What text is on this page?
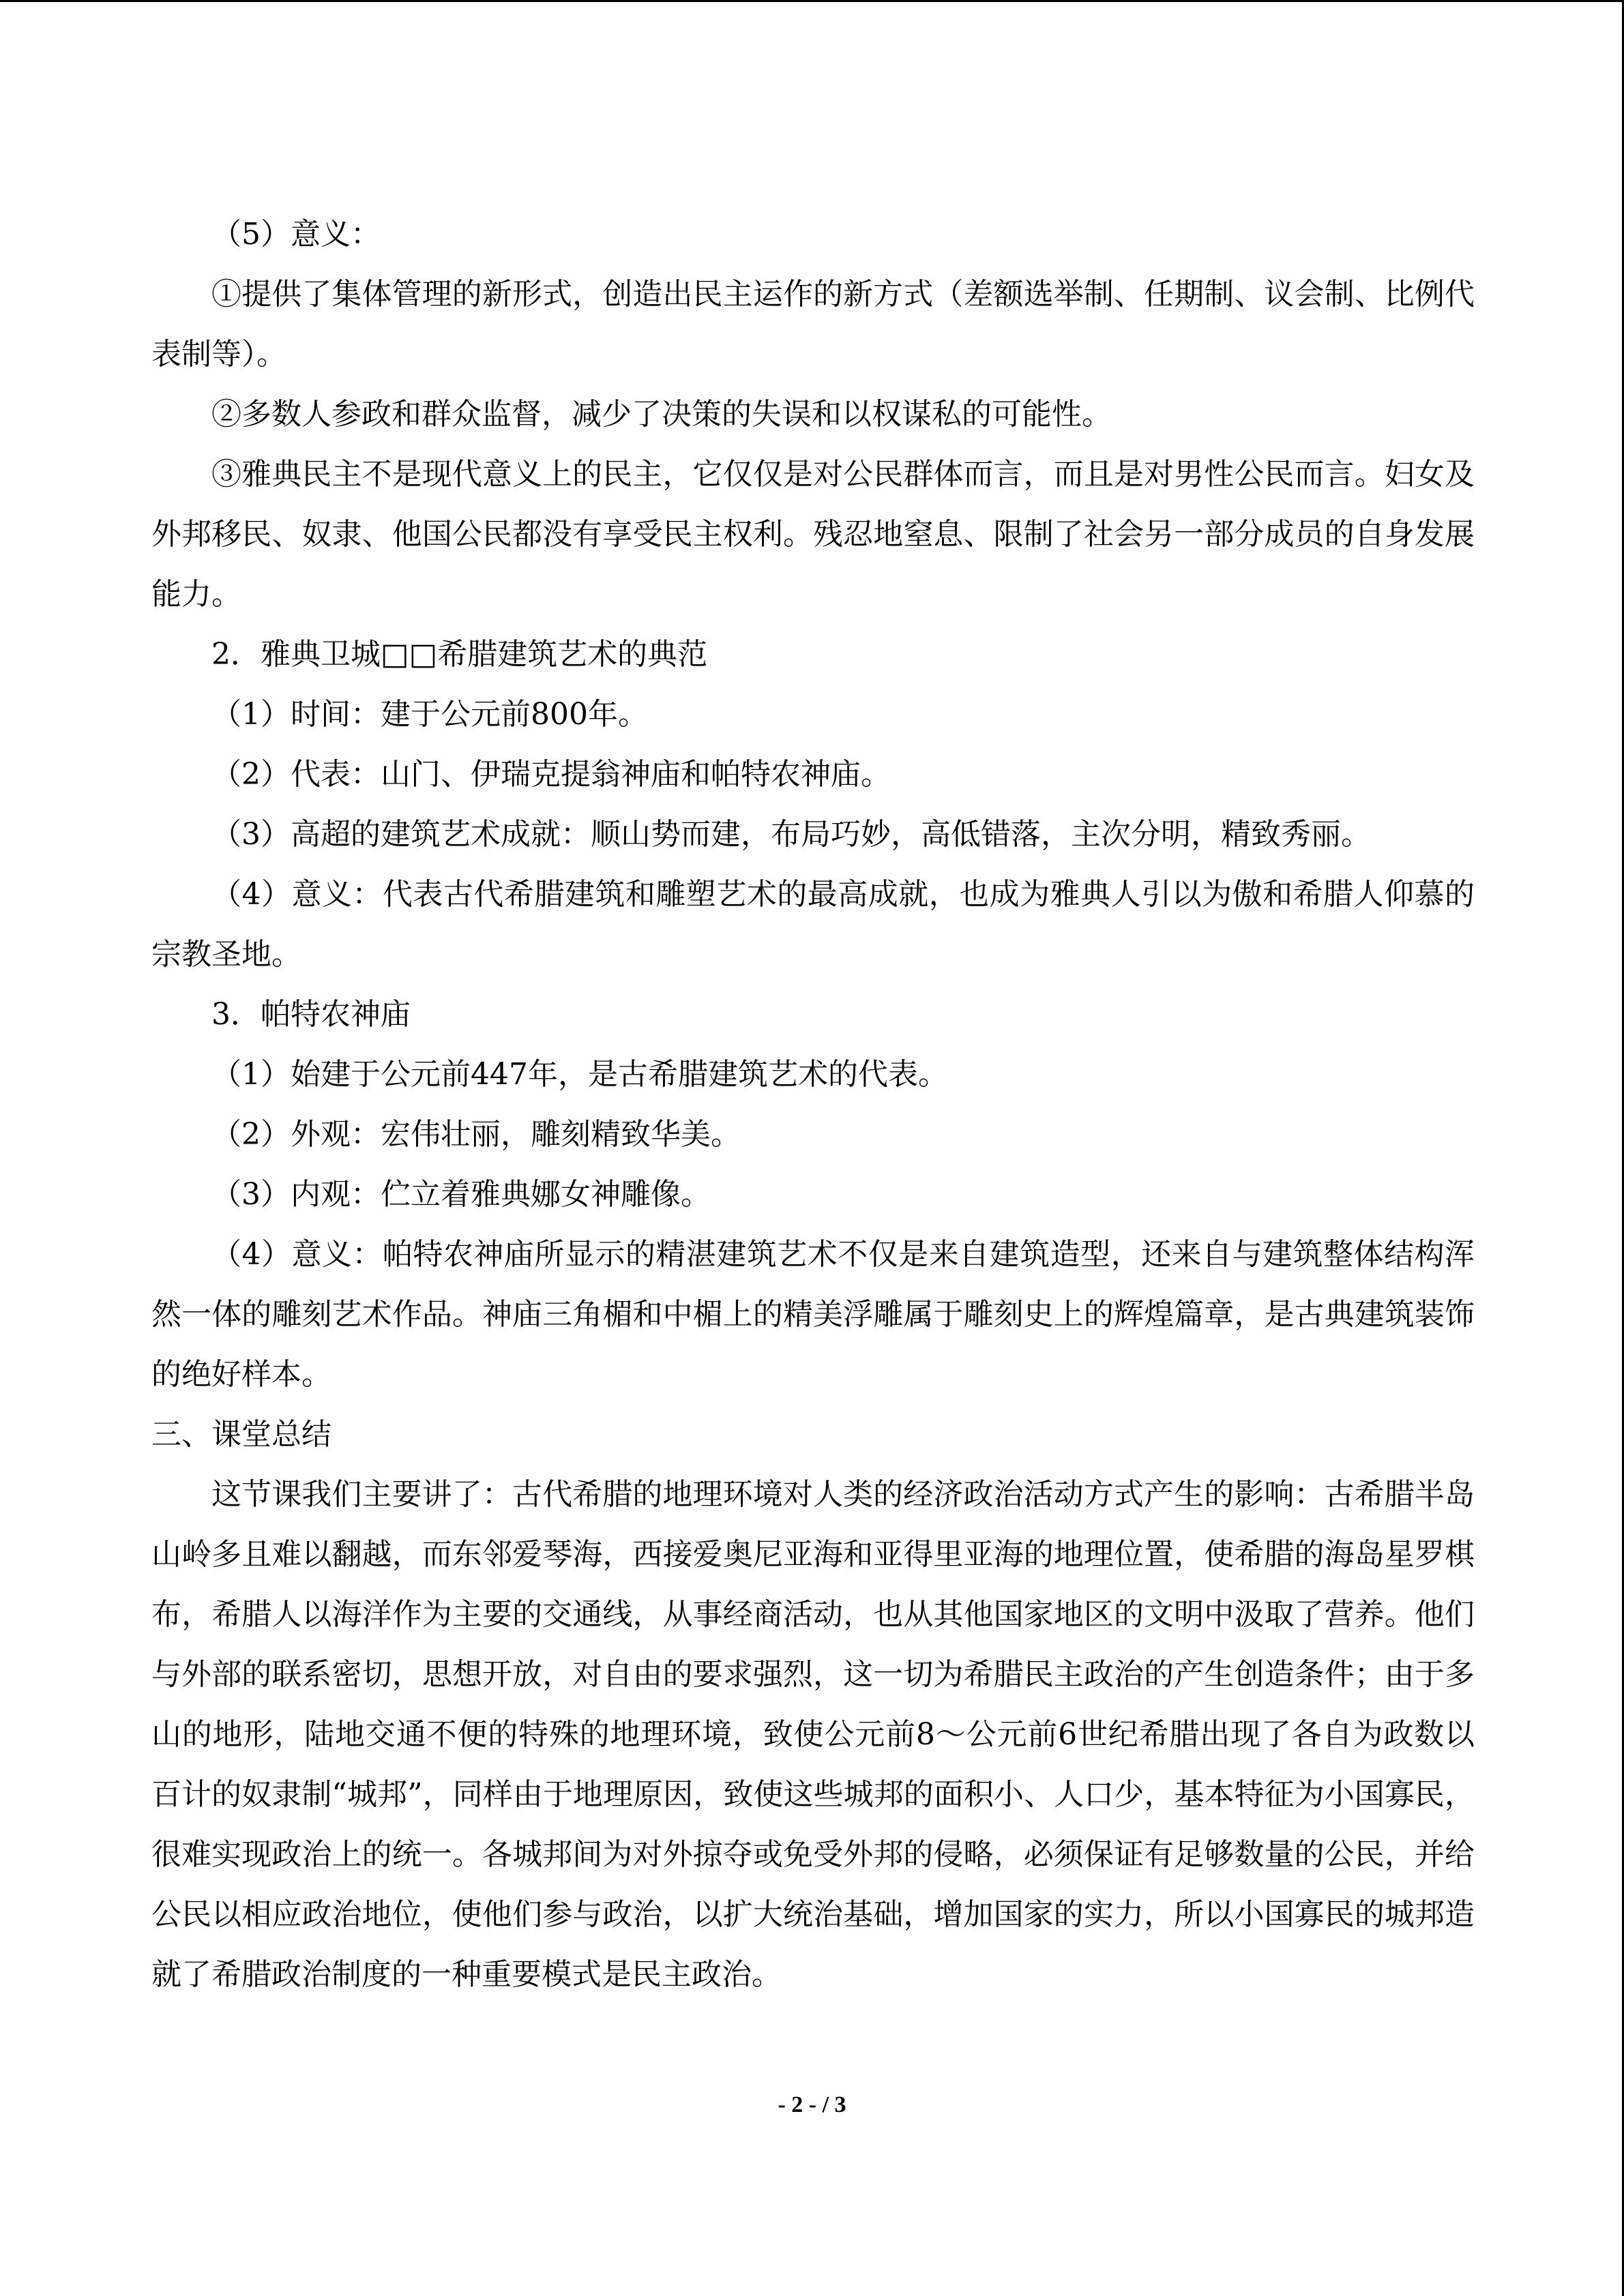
（5）意义：

①提供了集体管理的新形式，创造出民主运作的新方式（差额选举制、任期制、议会制、比例代表制等）。

②多数人参政和群众监督，减少了决策的失误和以权谋私的可能性。

③雅典民主不是现代意义上的民主，它仅仅是对公民群体而言，而且是对男性公民而言。妇女及外邦移民、奴隶、他国公民都没有享受民主权利。残忍地窒息、限制了社会另一部分成员的自身发展能力。

2．雅典卫城□□希腊建筑艺术的典范

（1）时间：建于公元前800年。

（2）代表：山门、伊瑞克提翁神庙和帕特农神庙。

（3）高超的建筑艺术成就：顺山势而建，布局巧妙，高低错落，主次分明，精致秀丽。

（4）意义：代表古代希腊建筑和雕塑艺术的最高成就，也成为雅典人引以为傲和希腊人仰慕的宗教圣地。

3．帕特农神庙

（1）始建于公元前447年，是古希腊建筑艺术的代表。

（2）外观：宏伟壮丽，雕刻精致华美。

（3）内观：伫立着雅典娜女神雕像。

（4）意义：帕特农神庙所显示的精湛建筑艺术不仅是来自建筑造型，还来自与建筑整体结构浑然一体的雕刻艺术作品。神庙三角楣和中楣上的精美浮雕属于雕刻史上的辉煌篇章，是古典建筑装饰的绝好样本。

三、课堂总结

这节课我们主要讲了：古代希腊的地理环境对人类的经济政治活动方式产生的影响：古希腊半岛山岭多且难以翻越，而东邻爱琴海，西接爱奥尼亚海和亚得里亚海的地理位置，使希腊的海岛星罗棋布，希腊人以海洋作为主要的交通线，从事经商活动，也从其他国家地区的文明中汲取了营养。他们与外部的联系密切，思想开放，对自由的要求强烈，这一切为希腊民主政治的产生创造条件；由于多山的地形，陆地交通不便的特殊的地理环境，致使公元前8～公元前6世纪希腊出现了各自为政数以百计的奴隶制“城邦”，同样由于地理原因，致使这些城邦的面积小、人口少，基本特征为小国寡民，很难实现政治上的统一。各城邦间为对外掠夺或免受外邦的侵略，必须保证有足够数量的公民，并给公民以相应政治地位，使他们参与政治，以扩大统治基础，增加国家的实力，所以小国寡民的城邦造就了希腊政治制度的一种重要模式是民主政治。

- 2 - / 3
